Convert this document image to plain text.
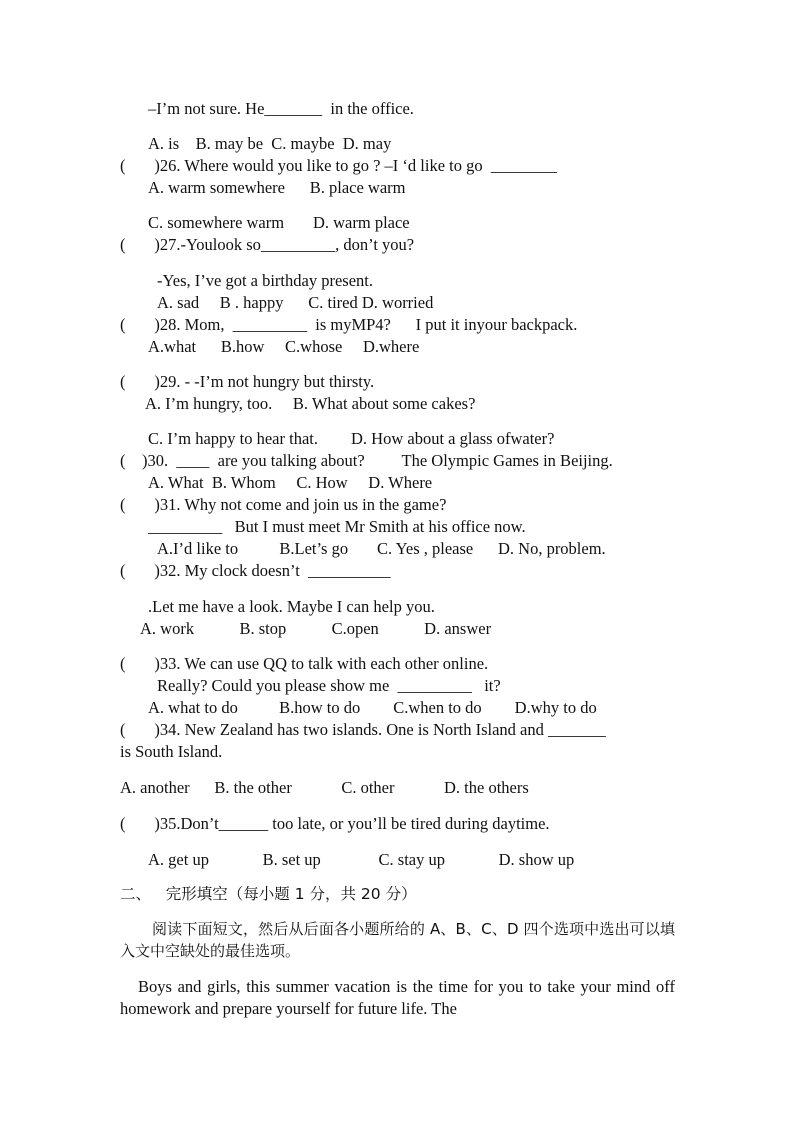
–I’m not sure. He_______  in the office.
A. is    B. may be  C. maybe  D. may
(       )26. Where would you like to go ? –I ‘d like to go  ________
A. warm somewhere      B. place warm
C. somewhere warm       D. warm place
(       )27.-Youlook so_________, don’t you?
-Yes, I’ve got a birthday present.
A. sad     B . happy      C. tired D. worried
(       )28. Mom,  _________  is myMP4?      I put it inyour backpack.
A.what      B.how     C.whose     D.where
(       )29. - -I’m not hungry but thirsty.
A. I’m hungry, too.     B. What about some cakes?
C. I’m happy to hear that.        D. How about a glass ofwater?
(    )30.  ____  are you talking about?         The Olympic Games in Beijing.
A. What  B. Whom     C. How     D. Where
(       )31. Why not come and join us in the game?
_________   But I must meet Mr Smith at his office now.
A.I’d like to          B.Let’s go       C. Yes , please      D. No, problem.
(       )32. My clock doesn’t  __________
.Let me have a look. Maybe I can help you.
A. work           B. stop           C.open           D. answer
(       )33. We can use QQ to talk with each other online.
Really? Could you please show me  _________   it?
A. what to do          B.how to do        C.when to do        D.why to do
(       )34. New Zealand has two islands. One is North Island and _______
is South Island.
A. another      B. the other            C. other            D. the others
(       )35.Don’t______ too late, or you’ll be tired during daytime.
A. get up             B. set up              C. stay up             D. show up
二、   完形填空（每小题 1 分，共 20 分）
阅读下面短文，然后从后面各小题所给的 A、B、C、D 四个选项中选出可以填入文中空缺处的最佳选项。
Boys and girls, this summer vacation is the time for you to take your mind off homework and prepare yourself for future life. The
